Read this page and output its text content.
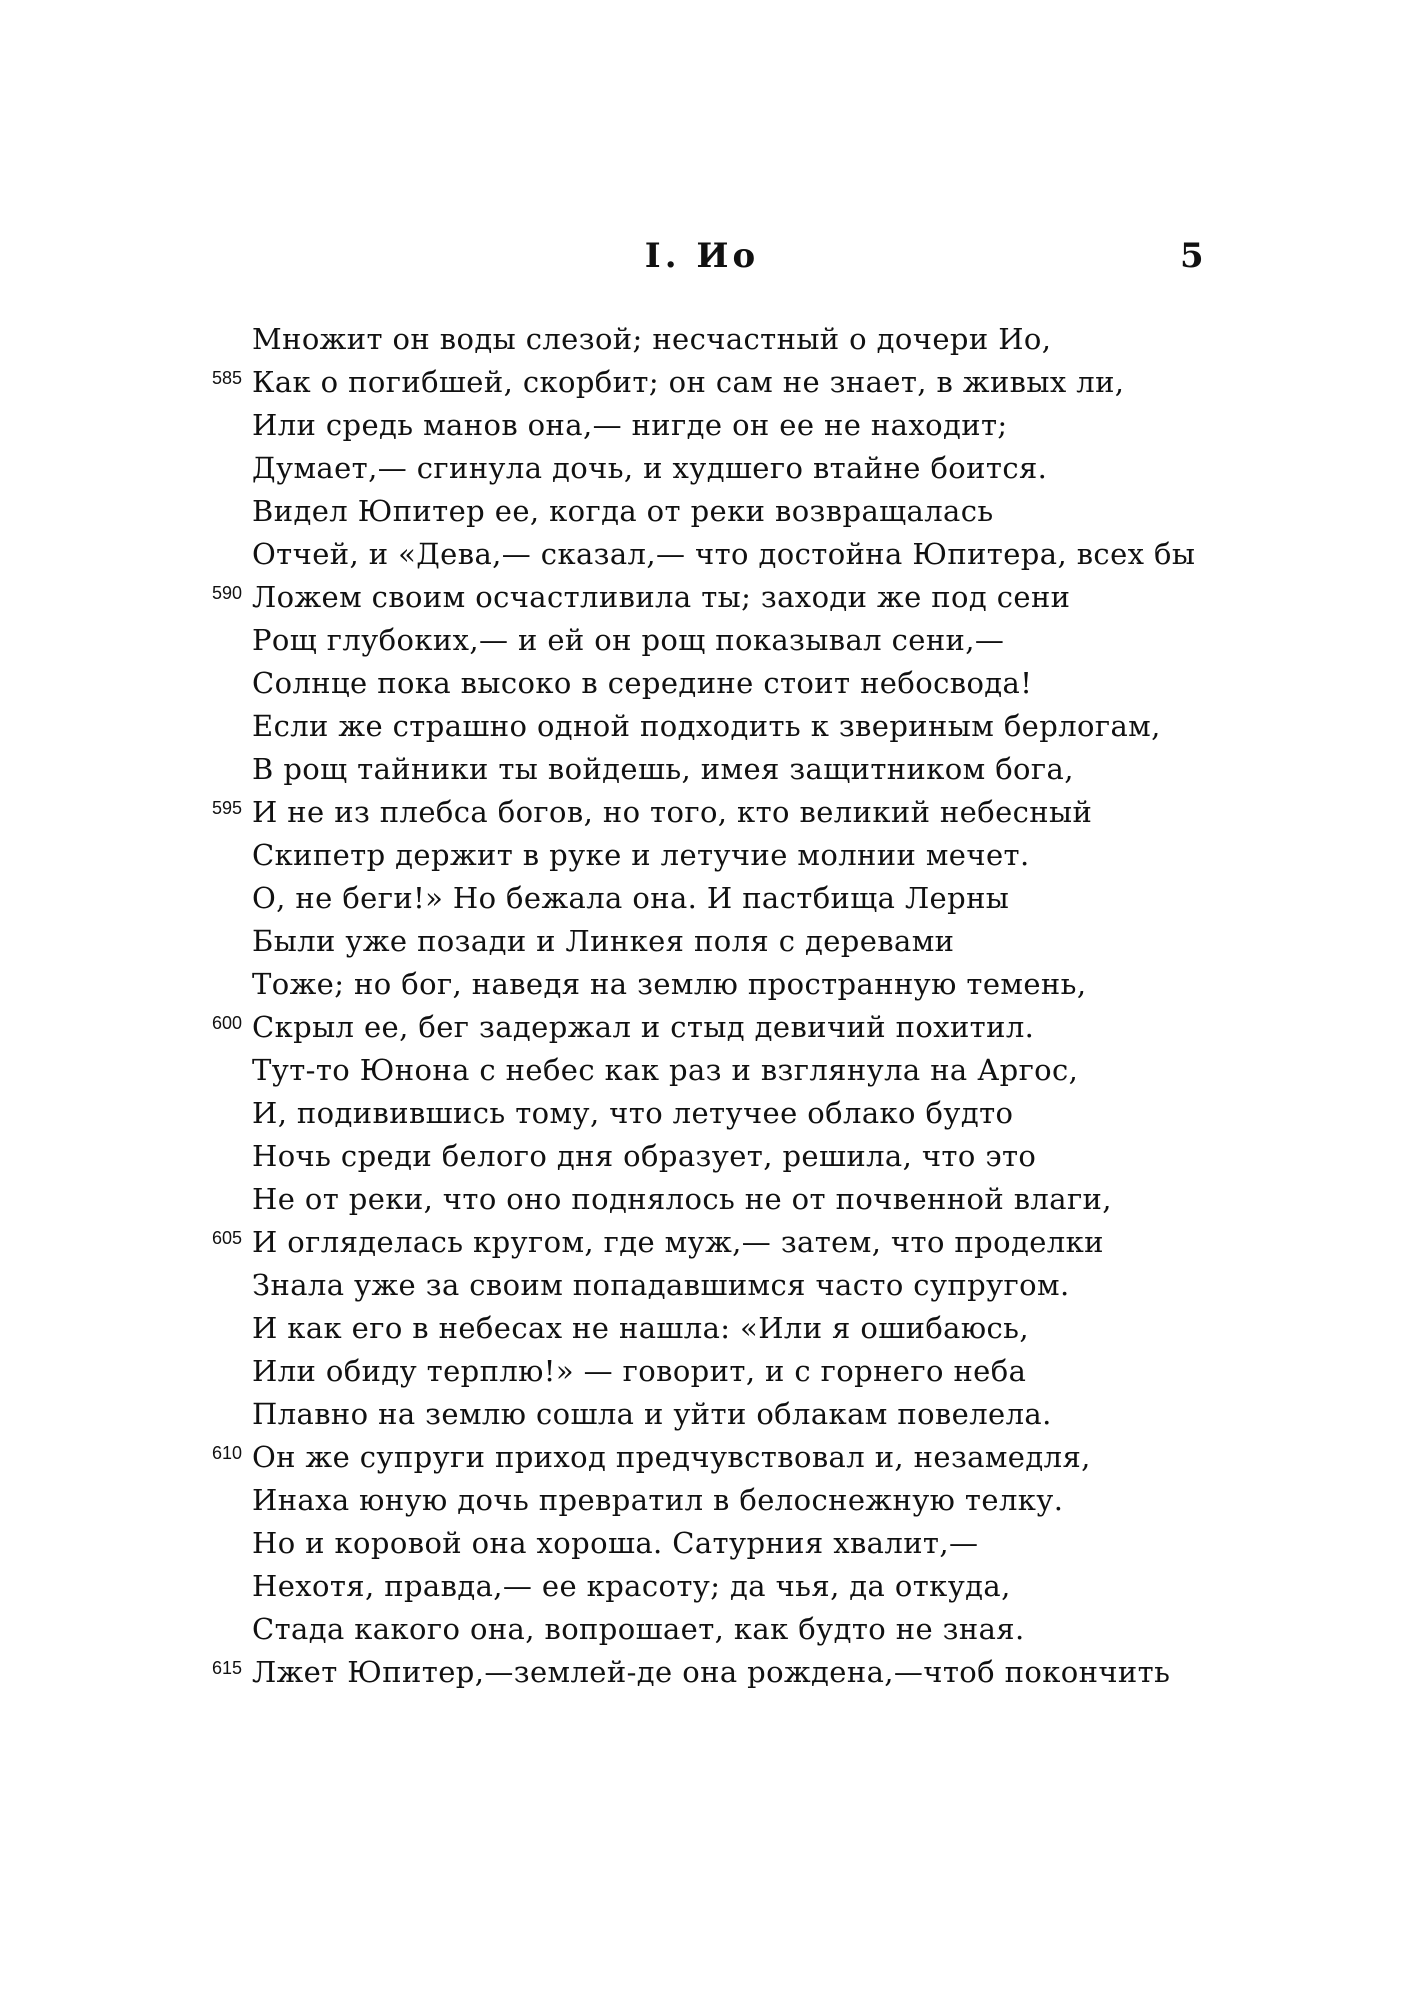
I. Ио	5
Множит он воды слезой; несчастный о дочери Ио,
585 Как о погибшей, скорбит; он сам не знает, в живых ли,
Или средь манов она,— нигде он ее не находит;
Думает,— сгинула дочь, и худшего втайне боится.
Видел Юпитер ее, когда от реки возвращалась
Отчей, и «Дева,— сказал,— что достойна Юпитера, всех бы
590 Ложем своим осчастливила ты; заходи же под сени
Рощ глубоких,— и ей он рощ показывал сени,—
Солнце пока высоко в середине стоит небосвода!
Если же страшно одной подходить к звериным берлогам,
В рощ тайники ты войдешь, имея защитником бога,
595 И не из плебса богов, но того, кто великий небесный
Скипетр держит в руке и летучие молнии мечет.
О, не беги!» Но бежала она. И пастбища Лерны
Были уже позади и Линкея поля с деревами
Тоже; но бог, наведя на землю пространную темень,
600 Скрыл ее, бег задержал и стыд девичий похитил.
Тут-то Юнона с небес как раз и взглянула на Аргос,
И, подивившись тому, что летучее облако будто
Ночь среди белого дня образует, решила, что это
Не от реки, что оно поднялось не от почвенной влаги,
605 И огляделась кругом, где муж,— затем, что проделки
Знала уже за своим попадавшимся часто супругом.
И как его в небесах не нашла: «Или я ошибаюсь,
Или обиду терплю!» — говорит, и с горнего неба
Плавно на землю сошла и уйти облакам повелела.
610 Он же супруги приход предчувствовал и, незамедля,
Инаха юную дочь превратил в белоснежную телку.
Но и коровой она хороша. Сатурния хвалит,—
Нехотя, правда,— ее красоту; да чья, да откуда,
Стада какого она, вопрошает, как будто не зная.
615 Лжет Юпитер,—землей-де она рождена,—чтоб покончить
